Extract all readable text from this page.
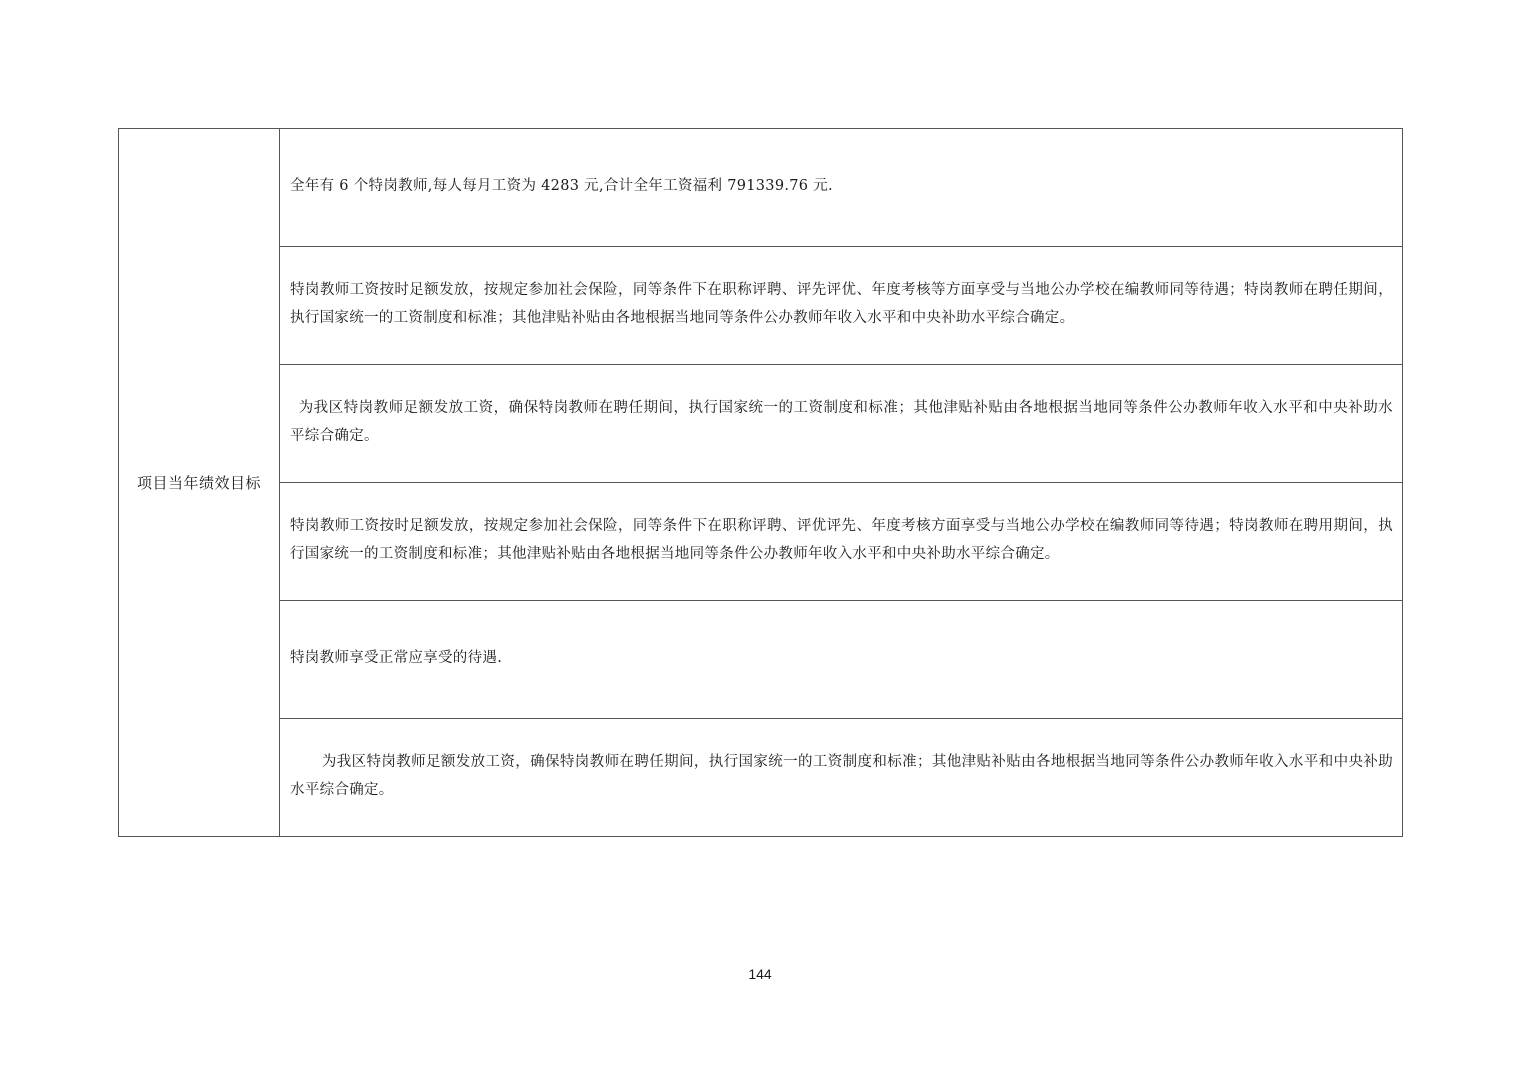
项目当年绩效目标	
全年有 6 个特岗教师,每人每月工资为 4283 元,合计全年工资福利 791339.76 元.

特岗教师工资按时足额发放，按规定参加社会保险，同等条件下在职称评聘、评先评优、年度考核等方面享受与当地公办学校在编教师同等待遇；特岗教师在聘任期间，执行国家统一的工资制度和标准；其他津贴补贴由各地根据当地同等条件公办教师年收入水平和中央补助水平综合确定。

为我区特岗教师足额发放工资，确保特岗教师在聘任期间，执行国家统一的工资制度和标准；其他津贴补贴由各地根据当地同等条件公办教师年收入水平和中央补助水平综合确定。

特岗教师工资按时足额发放，按规定参加社会保险，同等条件下在职称评聘、评优评先、年度考核方面享受与当地公办学校在编教师同等待遇；特岗教师在聘用期间，执行国家统一的工资制度和标准；其他津贴补贴由各地根据当地同等条件公办教师年收入水平和中央补助水平综合确定。

特岗教师享受正常应享受的待遇.

为我区特岗教师足额发放工资，确保特岗教师在聘任期间，执行国家统一的工资制度和标准；其他津贴补贴由各地根据当地同等条件公办教师年收入水平和中央补助水平综合确定。
144
